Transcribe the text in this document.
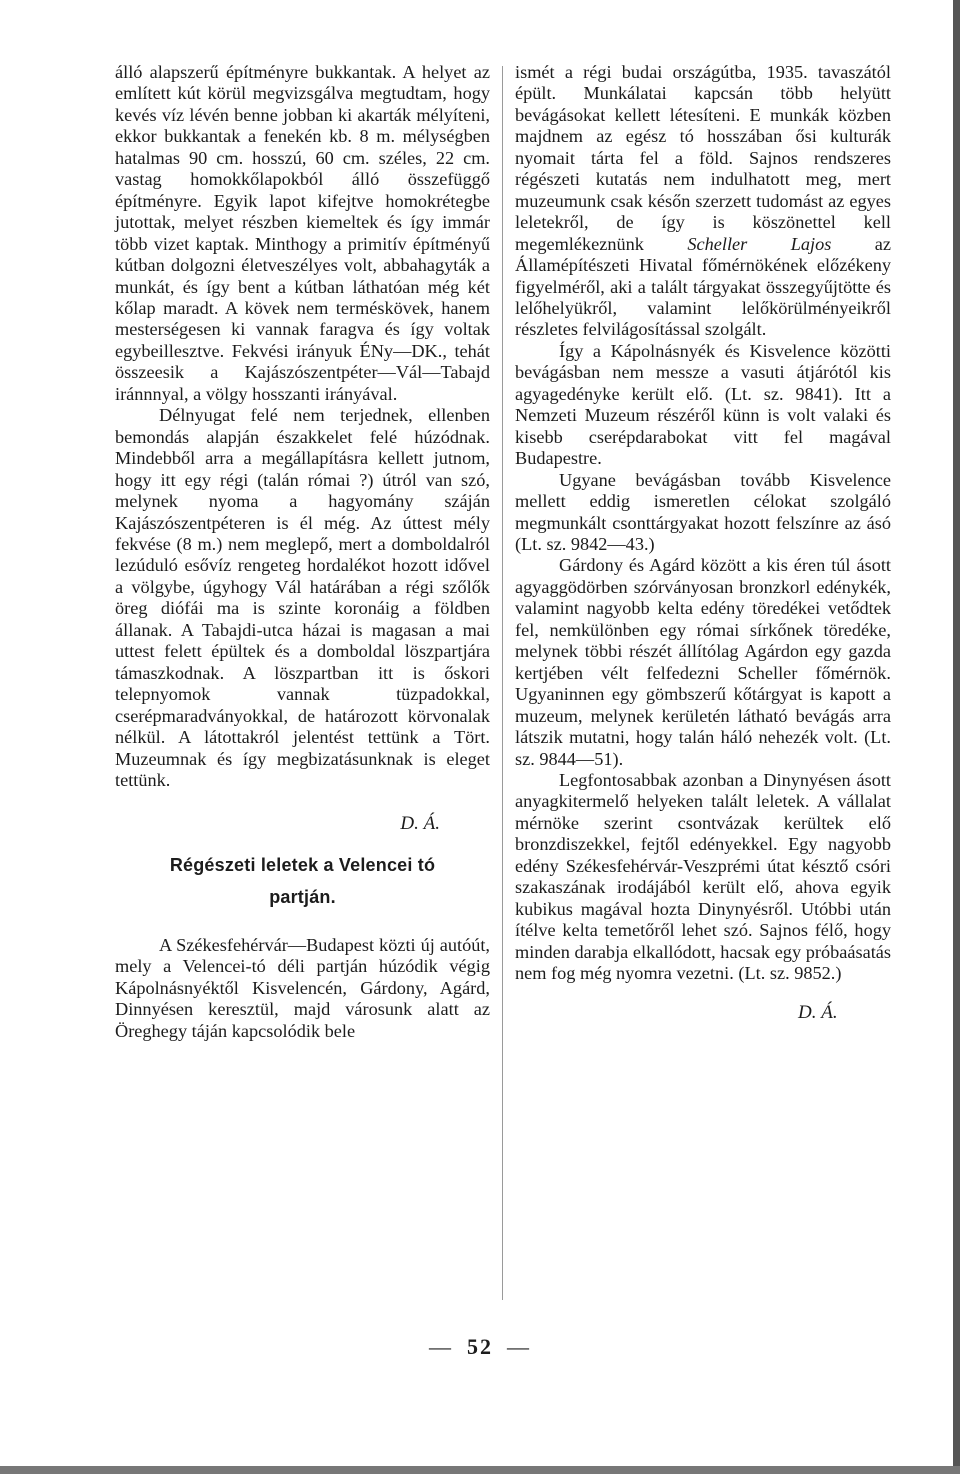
álló alapszerű építményre bukkantak. A helyet az említett kút körül megvizsgálva megtudtam, hogy kevés víz lévén benne jobban ki akarták mélyíteni, ekkor bukkantak a fenekén kb. 8 m. mélységben hatalmas 90 cm. hosszú, 60 cm. széles, 22 cm. vastag homokkőlapokból álló összefüggő építményre. Egyik lapot kifejtve homokrétegbe jutottak, melyet részben kiemeltek és így immár több vizet kaptak. Minthogy a primitív építményű kútban dolgozni életveszélyes volt, abbahagyták a munkát, és így bent a kútban láthatóan még két kőlap maradt. A kövek nem terméskövek, hanem mesterségesen ki vannak faragva és így voltak egybeillesztve. Fekvési irányuk ÉNy—DK., tehát összeesik a Kajászószentpéter—Vál—Tabajd iránnnyal, a völgy hosszanti irányával.

Délnyugat felé nem terjednek, ellenben bemondás alapján északkelet felé húzódnak. Mindebből arra a megállapításra kellett jutnom, hogy itt egy régi (talán római ?) útról van szó, melynek nyoma a hagyomány száján Kajászószentpéteren is él még. Az úttest mély fekvése (8 m.) nem meglepő, mert a domboldalról lezúduló esővíz rengeteg hordalékot hozott idővel a völgybe, úgyhogy Vál határában a régi szőlők öreg diófái ma is szinte koronáig a földben állanak. A Tabajdi-utca házai is magasan a mai uttest felett épültek és a domboldal löszpartjára támaszkodnak. A löszpartban itt is őskori telepnyomok vannak tüzpadokkal, cserépmaradványokkal, de határozott körvonalak nélkül. A látottakról jelentést tettünk a Tört. Muzeumnak és így megbizatásunknak is eleget tettünk.

D. Á.
Régészeti leletek a Velencei tó
partján.

A Székesfehérvár—Budapest közti új autóút, mely a Velencei-tó déli partján húzódik végig Kápolnásnyéktől Kisvelencén, Gárdony, Agárd, Dinnyésen keresztül, majd városunk alatt az Öreghegy táján kapcsolódik bele

ismét a régi budai országútba, 1935. tavaszától épült. Munkálatai kapcsán több helyütt bevágásokat kellett létesíteni. E munkák közben majdnem az egész tó hosszában ősi kulturák nyomait tárta fel a föld. Sajnos rendszeres régészeti kutatás nem indulhatott meg, mert muzeumunk csak későn szerzett tudomást az egyes leletekről, de így is köszönettel kell megemlékeznünk Scheller Lajos az Államépítészeti Hivatal főmérnökének előzékeny figyelméről, aki a talált tárgyakat összegyűjtötte és lelőhelyükről, valamint lelőkörülményeikről részletes felvilágosítással szolgált.

Így a Kápolnásnyék és Kisvelence közötti bevágásban nem messze a vasuti átjárótól kis agyagedényke került elő. (Lt. sz. 9841). Itt a Nemzeti Muzeum részéről künn is volt valaki és kisebb cserépdarabokat vitt fel magával Budapestre.

Ugyane bevágásban tovább Kisvelence mellett eddig ismeretlen célokat szolgáló megmunkált csonttárgyakat hozott felszínre az ásó (Lt. sz. 9842—43.)

Gárdony és Agárd között a kis éren túl ásott agyaggödörben szórványosan bronzkorl edénykék, valamint nagyobb kelta edény töredékei vetődtek fel, nemkülönben egy római sírkőnek töredéke, melynek többi részét állítólag Agárdon egy gazda kertjében vélt felfedezni Scheller főmérnök. Ugyaninnen egy gömbszerű kőtárgyat is kapott a muzeum, melynek kerületén látható bevágás arra látszik mutatni, hogy talán háló nehezék volt. (Lt. sz. 9844—51).

Legfontosabbak azonban a Dinynyésen ásott anyagkitermelő helyeken talált leletek. A vállalat mérnöke szerint csontvázak kerültek elő bronzdiszekkel, fejtől edényekkel. Egy nagyobb edény Székesfehérvár-Veszprémi útat késztő csóri szakaszának irodájából került elő, ahova egyik kubikus magával hozta Dinynyésről. Utóbbi után ítélve kelta temetőről lehet szó. Sajnos félő, hogy minden darabja elkallódott, hacsak egy próbaásatás nem fog még nyomra vezetni. (Lt. sz. 9852.)

D. Á.
— 52 —
